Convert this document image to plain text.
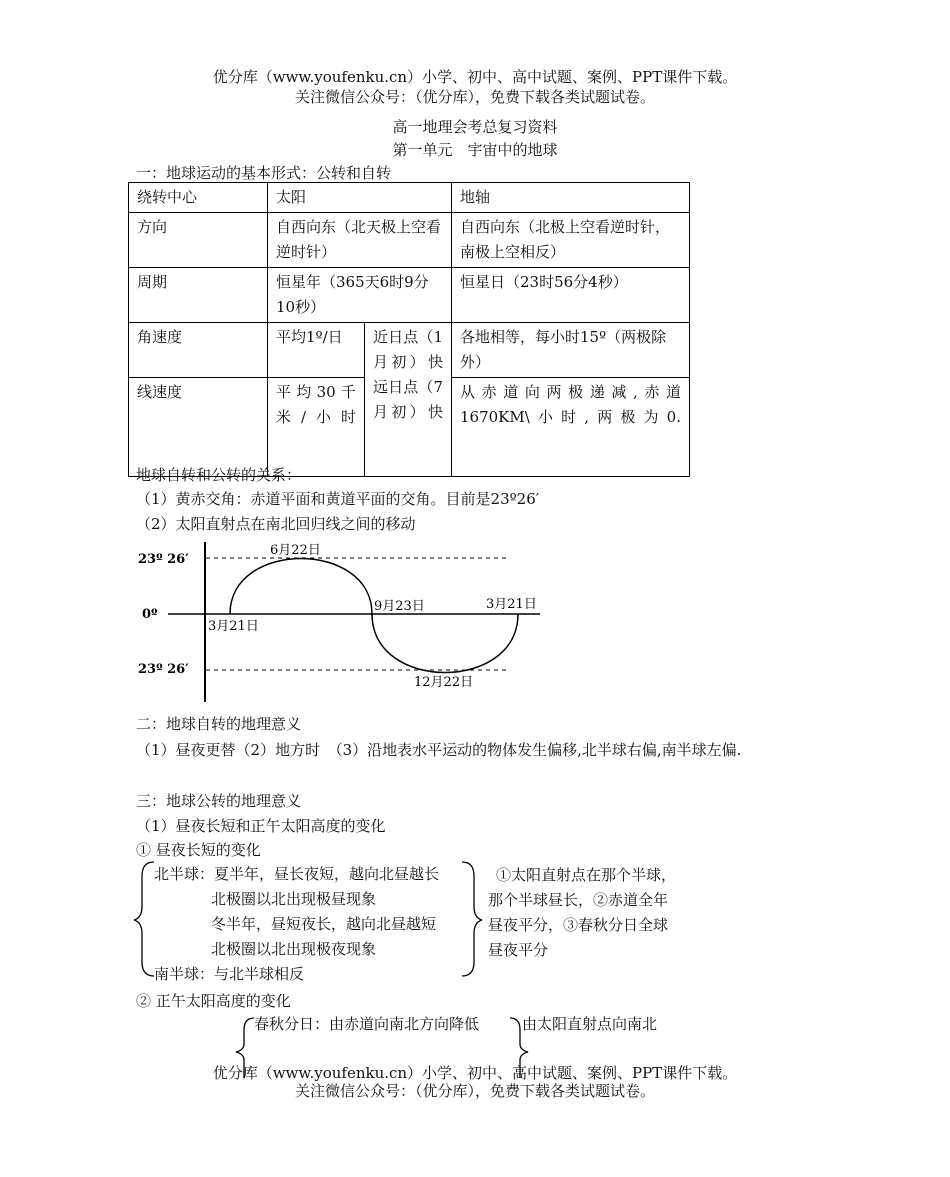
优分库（www.youfenku.cn）小学、初中、高中试题、案例、PPT课件下载。
关注微信公众号：（优分库），免费下载各类试题试卷。
高一地理会考总复习资料
第一单元　宇宙中的地球
一：地球运动的基本形式：公转和自转
绕转中心	太阳		地轴
方向	自西向东（北天极上空看逆时针）		自西向东（北极上空看逆时针，南极上空相反）
周期	恒星年（365天6时9分10秒）		恒星日（23时56分4秒）
角速度	平均1º/日	近日点（1月初）快远日点（7月初）快	各地相等，每小时15º（两极除外）
线速度	平均30千米/小时		从赤道向两极递减,赤道1670KM\小时,两极为0.
地球自转和公转的关系：
（1）黄赤交角：赤道平面和黄道平面的交角。目前是23º26′
（2）太阳直射点在南北回归线之间的移动
23º 26′
0º
23º 26′
6月22日
9月23日	3月21日
3月21日
12月22日
二：地球自转的地理意义
（1）昼夜更替（2）地方时　（3）沿地表水平运动的物体发生偏移,北半球右偏,南半球左偏.
三：地球公转的地理意义
（1）昼夜长短和正午太阳高度的变化
① 昼夜长短的变化
北半球：夏半年，昼长夜短，越向北昼越长
北极圈以北出现极昼现象
冬半年，昼短夜长，越向北昼越短
北极圈以北出现极夜现象
南半球：与北半球相反
①太阳直射点在那个半球，
那个半球昼长，②赤道全年
昼夜平分，③春秋分日全球
昼夜平分
② 正午太阳高度的变化
春秋分日：由赤道向南北方向降低	由太阳直射点向南北
优分库（www.youfenku.cn）小学、初中、高中试题、案例、PPT课件下载。
关注微信公众号：（优分库），免费下载各类试题试卷。
